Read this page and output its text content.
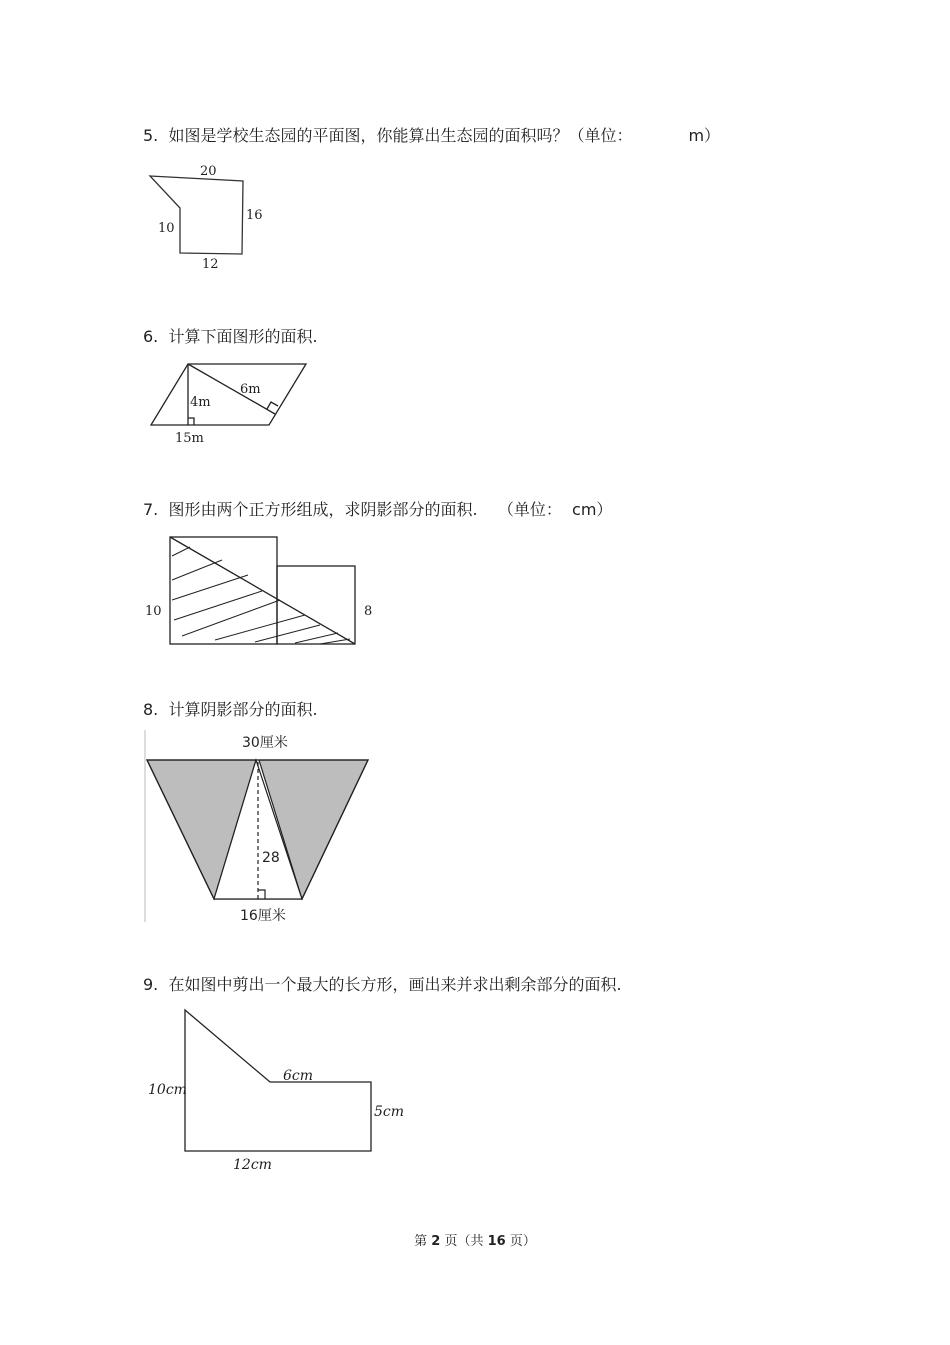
5. 如图是学校生态园的平面图，你能算出生态园的面积吗？（单位：	m）
6. 计算下面图形的面积.
7. 图形由两个正方形组成，求阴影部分的面积. （单位：  cm）
8. 计算阴影部分的面积.
9. 在如图中剪出一个最大的长方形，画出来并求出剩余部分的面积.
20
16
10
12
6m
4m
15m
10	8
30厘米
28
16厘米
6cm
10cm
5cm
12cm
第 2 页（共 16 页）
